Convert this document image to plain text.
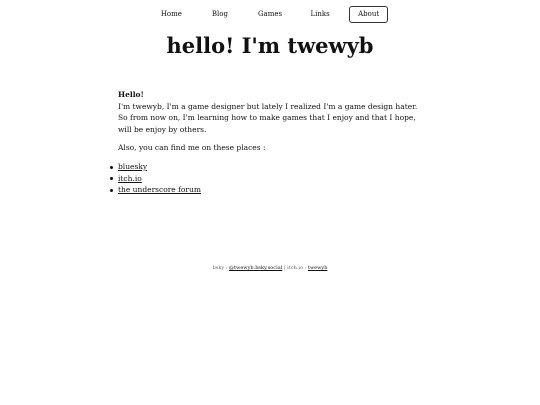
Home	Blog	Games	Links	About
hello! I'm twewyb

Hello!

I'm twewyb, I'm a game designer but lately I realized I'm a game design hater. So from now on, I'm learning how to make games that I enjoy and that I hope, will be enjoy by others.

Also, you can find me on these places :

bluesky
itch.io
the underscore forum
bsky : @twewyb.bsky.social | itch.io : twewyb
